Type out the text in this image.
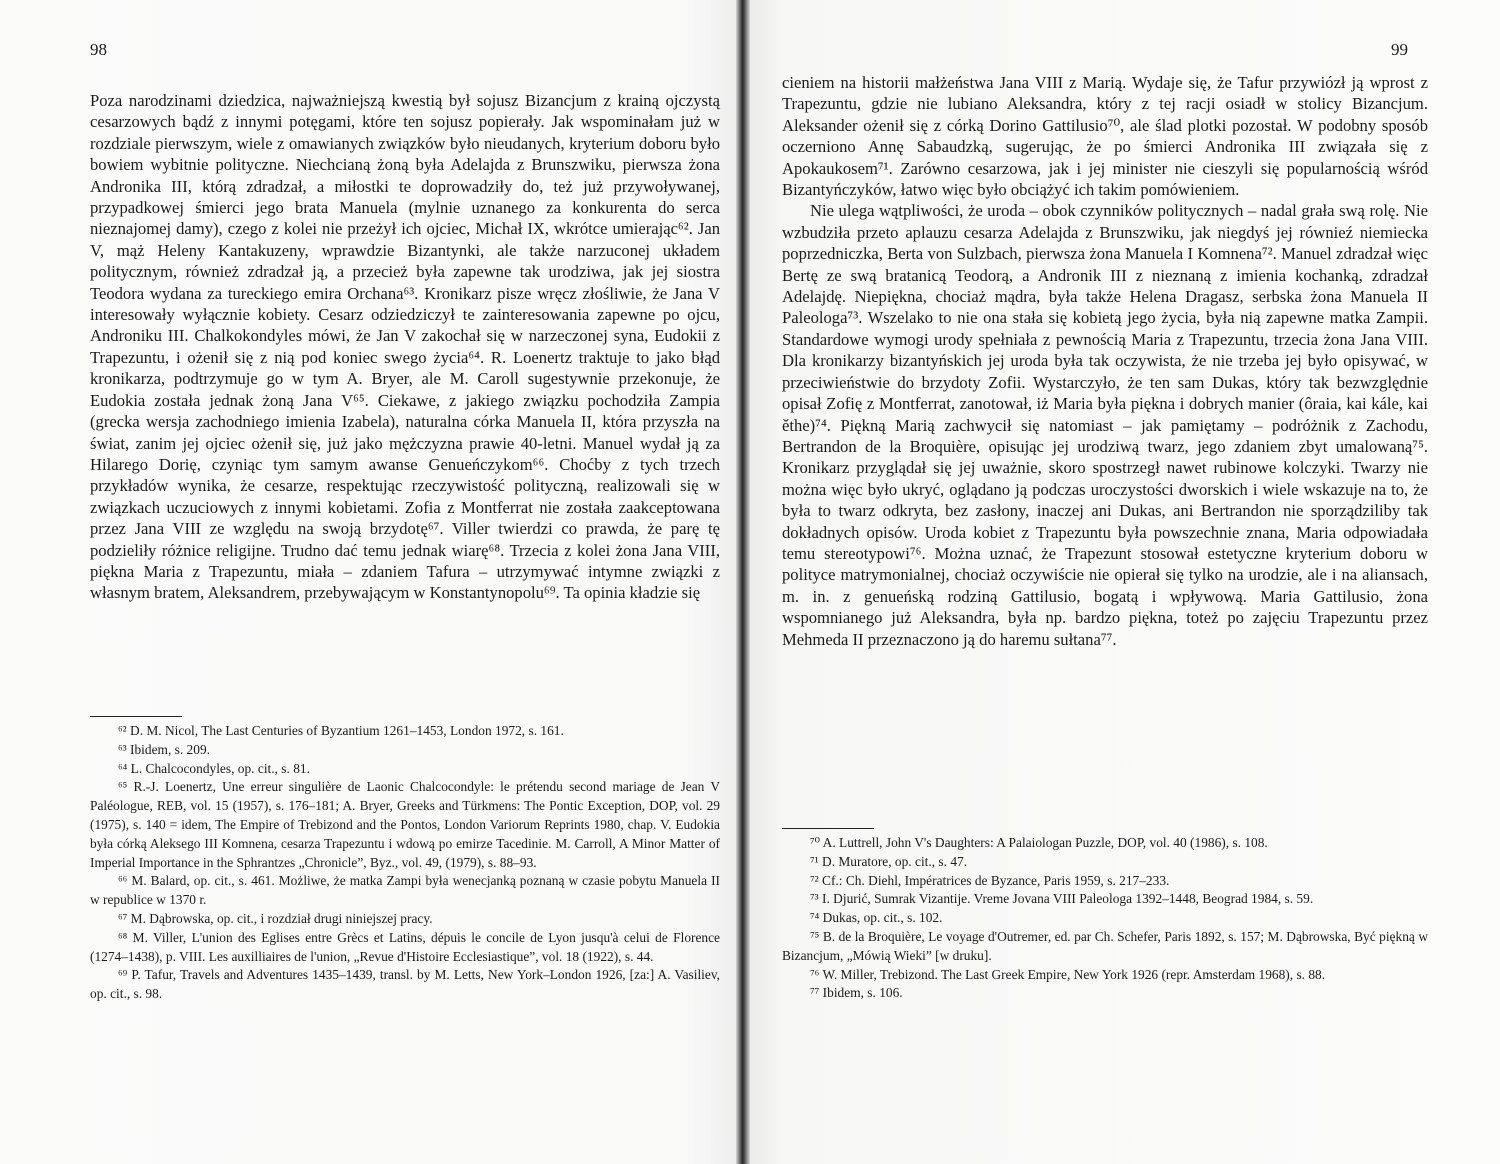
98

Poza narodzinami dziedzica, najważniejszą kwestią był sojusz Bizancjum z krainą ojczystą cesarzowych bądź z innymi potęgami, które ten sojusz popierały. Jak wspominałam już w rozdziale pierwszym, wiele z omawianych związków było nieudanych, kryterium doboru było bowiem wybitnie polityczne. Niechcianą żoną była Adelajda z Brunszwiku, pierwsza żona Andronika III, którą zdradzał, a miłostki te doprowadziły do, też już przywoływanej, przypadkowej śmierci jego brata Manuela (mylnie uznanego za konkurenta do serca nieznajomej damy), czego z kolei nie przeżył ich ojciec, Michał IX, wkrótce umierając⁶². Jan V, mąż Heleny Kantakuzeny, wprawdzie Bizantynki, ale także narzuconej układem politycznym, również zdradzał ją, a przecież była zapewne tak urodziwa, jak jej siostra Teodora wydana za tureckiego emira Orchana⁶³. Kronikarz pisze wręcz złośliwie, że Jana V interesowały wyłącznie kobiety. Cesarz odziedziczył te zainteresowania zapewne po ojcu, Androniku III. Chalkokondyles mówi, że Jan V zakochał się w narzeczonej syna, Eudokii z Trapezuntu, i ożenił się z nią pod koniec swego życia⁶⁴. R. Loenertz traktuje to jako błąd kronikarza, podtrzymuje go w tym A. Bryer, ale M. Caroll sugestywnie przekonuje, że Eudokia została jednak żoną Jana V⁶⁵. Ciekawe, z jakiego związku pochodziła Zampia (grecka wersja zachodniego imienia Izabela), naturalna córka Manuela II, która przyszła na świat, zanim jej ojciec ożenił się, już jako mężczyzna prawie 40-letni. Manuel wydał ją za Hilarego Dorię, czyniąc tym samym awanse Genueńczykom⁶⁶. Choćby z tych trzech przykładów wynika, że cesarze, respektując rzeczywistość polityczną, realizowali się w związkach uczuciowych z innymi kobietami. Zofia z Montferrat nie została zaakceptowana przez Jana VIII ze względu na swoją brzydotę⁶⁷. Viller twierdzi co prawda, że parę tę podzieliły różnice religijne. Trudno dać temu jednak wiarę⁶⁸. Trzecia z kolei żona Jana VIII, piękna Maria z Trapezuntu, miała – zdaniem Tafura – utrzymywać intymne związki z własnym bratem, Aleksandrem, przebywającym w Konstantynopolu⁶⁹. Ta opinia kładzie się

⁶² D. M. Nicol, The Last Centuries of Byzantium 1261–1453, London 1972, s. 161.

⁶³ Ibidem, s. 209.

⁶⁴ L. Chalcocondyles, op. cit., s. 81.

⁶⁵ R.-J. Loenertz, Une erreur singulière de Laonic Chalcocondyle: le prétendu second mariage de Jean V Paléologue, REB, vol. 15 (1957), s. 176–181; A. Bryer, Greeks and Türkmens: The Pontic Exception, DOP, vol. 29 (1975), s. 140 = idem, The Empire of Trebizond and the Pontos, London Variorum Reprints 1980, chap. V. Eudokia była córką Aleksego III Komnena, cesarza Trapezuntu i wdową po emirze Tacedinie. M. Carroll, A Minor Matter of Imperial Importance in the Sphrantzes „Chronicle”, Byz., vol. 49, (1979), s. 88–93.

⁶⁶ M. Balard, op. cit., s. 461. Możliwe, że matka Zampi była wenecjanką poznaną w czasie pobytu Manuela II w republice w 1370 r.

⁶⁷ M. Dąbrowska, op. cit., i rozdział drugi niniejszej pracy.

⁶⁸ M. Viller, L'union des Eglises entre Grècs et Latins, dépuis le concile de Lyon jusqu'à celui de Florence (1274–1438), p. VIII. Les auxilliaires de l'union, „Revue d'Histoire Ecclesiastique”, vol. 18 (1922), s. 44.

⁶⁹ P. Tafur, Travels and Adventures 1435–1439, transl. by M. Letts, New York–London 1926, [za:] A. Vasiliev, op. cit., s. 98.

99

cieniem na historii małżeństwa Jana VIII z Marią. Wydaje się, że Tafur przywiózł ją wprost z Trapezuntu, gdzie nie lubiano Aleksandra, który z tej racji osiadł w stolicy Bizancjum. Aleksander ożenił się z córką Dorino Gattilusio⁷⁰, ale ślad plotki pozostał. W podobny sposób oczerniono Annę Sabaudzką, sugerując, że po śmierci Andronika III związała się z Apokaukosem⁷¹. Zarówno cesarzowa, jak i jej minister nie cieszyli się popularnością wśród Bizantyńczyków, łatwo więc było obciążyć ich takim pomówieniem.

Nie ulega wątpliwości, że uroda – obok czynników politycznych – nadal grała swą rolę. Nie wzbudziła przeto aplauzu cesarza Adelajda z Brunszwiku, jak niegdyś jej równieź niemiecka poprzedniczka, Berta von Sulzbach, pierwsza żona Manuela I Komnena⁷². Manuel zdradzał więc Bertę ze swą bratanicą Teodorą, a Andronik III z nieznaną z imienia kochanką, zdradzał Adelajdę. Niepiękna, chociaż mądra, była także Helena Dragasz, serbska żona Manuela II Paleologa⁷³. Wszelako to nie ona stała się kobietą jego życia, była nią zapewne matka Zampii. Standardowe wymogi urody spełniała z pewnością Maria z Trapezuntu, trzecia żona Jana VIII. Dla kronikarzy bizantyńskich jej uroda była tak oczywista, że nie trzeba jej było opisywać, w przeciwieństwie do brzydoty Zofii. Wystarczyło, że ten sam Dukas, który tak bezwzględnie opisał Zofię z Montferrat, zanotował, iż Maria była piękna i dobrych manier (ôraia, kai kále, kai ěthe)⁷⁴. Piękną Marią zachwycił się natomiast – jak pamiętamy – podróżnik z Zachodu, Bertrandon de la Broquière, opisując jej urodziwą twarz, jego zdaniem zbyt umalowaną⁷⁵. Kronikarz przyglądał się jej uważnie, skoro spostrzegł nawet rubinowe kolczyki. Twarzy nie można więc było ukryć, oglądano ją podczas uroczystości dworskich i wiele wskazuje na to, że była to twarz odkryta, bez zasłony, inaczej ani Dukas, ani Bertrandon nie sporządziliby tak dokładnych opisów. Uroda kobiet z Trapezuntu była powszechnie znana, Maria odpowiadała temu stereotypowi⁷⁶. Można uznać, że Trapezunt stosował estetyczne kryterium doboru w polityce matrymonialnej, chociaż oczywiście nie opierał się tylko na urodzie, ale i na aliansach, m. in. z genueńską rodziną Gattilusio, bogatą i wpływową. Maria Gattilusio, żona wspomnianego już Aleksandra, była np. bardzo piękna, toteż po zajęciu Trapezuntu przez Mehmeda II przeznaczono ją do haremu sułtana⁷⁷.

⁷⁰ A. Luttrell, John V's Daughters: A Palaiologan Puzzle, DOP, vol. 40 (1986), s. 108.

⁷¹ D. Muratore, op. cit., s. 47.

⁷² Cf.: Ch. Diehl, Impératrices de Byzance, Paris 1959, s. 217–233.

⁷³ I. Djurić, Sumrak Vizantije. Vreme Jovana VIII Paleologa 1392–1448, Beograd 1984, s. 59.

⁷⁴ Dukas, op. cit., s. 102.

⁷⁵ B. de la Broquière, Le voyage d'Outremer, ed. par Ch. Schefer, Paris 1892, s. 157; M. Dąbrowska, Być piękną w Bizancjum, „Mówią Wieki” [w druku].

⁷⁶ W. Miller, Trebizond. The Last Greek Empire, New York 1926 (repr. Amsterdam 1968), s. 88.

⁷⁷ Ibidem, s. 106.
